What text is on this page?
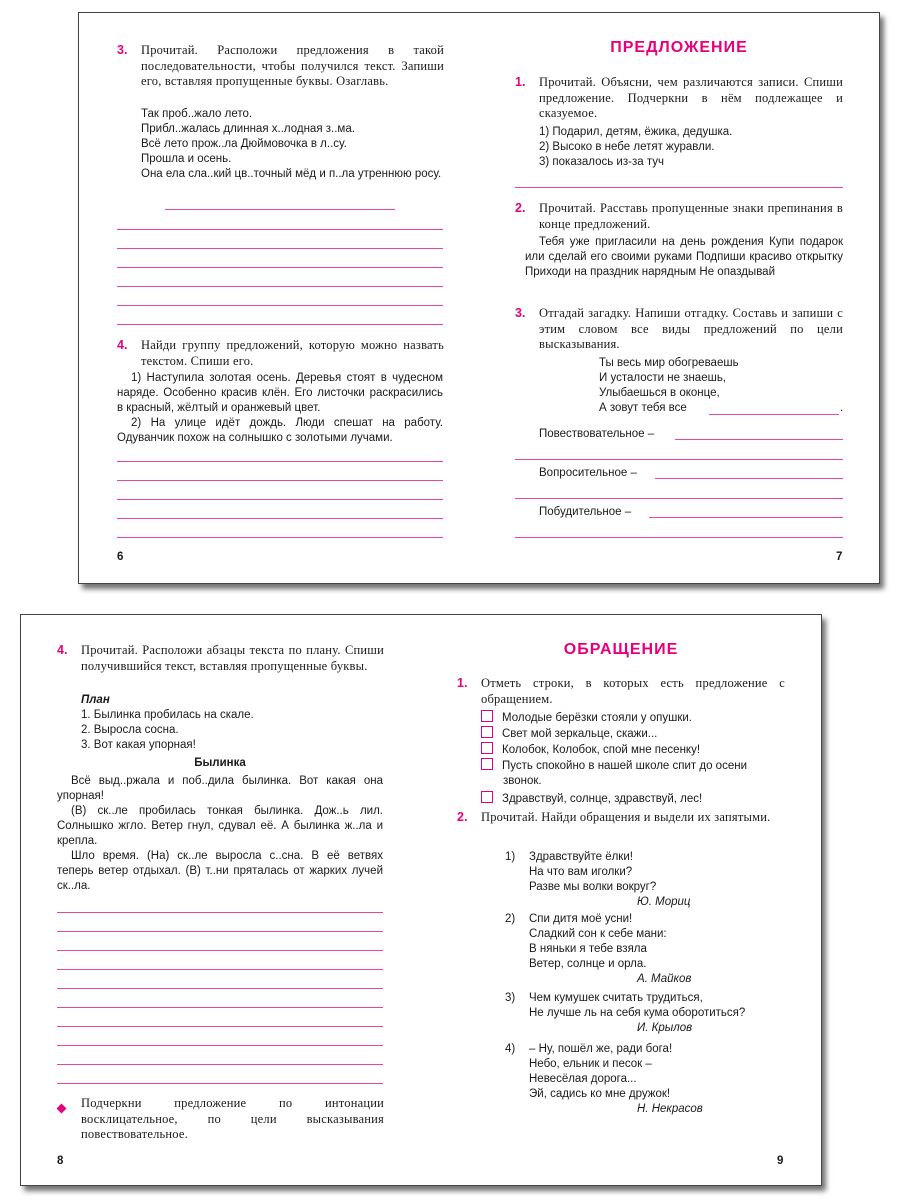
3. Прочитай. Расположи предложения в такой последовательности, чтобы получился текст. Запиши его, вставляя пропущенные буквы. Озаглавь.
Так проб..жало лето.
Прибл..жалась длинная х..лодная з..ма.
Всё лето прож..ла Дюймовочка в л..су.
Прошла и осень.
Она ела сла..кий цв..точный мёд и п..ла утреннюю росу.
4. Найди группу предложений, которую можно назвать текстом. Спиши его.
1) Наступила золотая осень. Деревья стоят в чудесном наряде. Особенно красив клён. Его листочки раскрасились в красный, жёлтый и оранжевый цвет.
2) На улице идёт дождь. Люди спешат на работу. Одуванчик похож на солнышко с золотыми лучами.
6
ПРЕДЛОЖЕНИЕ
1. Прочитай. Объясни, чем различаются записи. Спиши предложение. Подчеркни в нём подлежащее и сказуемое.
1) Подарил, детям, ёжика, дедушка.
2) Высоко в небе летят журавли.
3) показалось из-за туч
2. Прочитай. Расставь пропущенные знаки препинания в конце предложений.
Тебя уже пригласили на день рождения Купи подарок или сделай его своими руками Подпиши красиво открытку Приходи на праздник нарядным Не опаздывай
3. Отгадай загадку. Напиши отгадку. Составь и запиши с этим словом все виды предложений по цели высказывания.
Ты весь мир обогреваешь
И усталости не знаешь,
Улыбаешься в оконце,
А зовут тебя все	.
Повествовательное –
Вопросительное –
Побудительное –
7
4. Прочитай. Расположи абзацы текста по плану. Спиши получившийся текст, вставляя пропущенные буквы.
План
1. Былинка пробилась на скале.
2. Выросла сосна.
3. Вот какая упорная!
Былинка
Всё выд..ржала и поб..дила былинка. Вот какая она упорная!
(В) ск..ле пробилась тонкая былинка. Дож..ь лил. Солнышко жгло. Ветер гнул, сдувал её. А былинка ж..ла и крепла.
Шло время. (На) ск..ле выросла с..сна. В её ветвях теперь ветер отдыхал. (В) т..ни пряталась от жарких лучей ск..ла.
Подчеркни предложение по интонации восклицательное, по цели высказывания повествовательное.
8
ОБРАЩЕНИЕ
1. Отметь строки, в которых есть предложение с обращением.
Молодые берёзки стояли у опушки.
Свет мой зеркальце, скажи...
Колобок, Колобок, спой мне песенку!
Пусть спокойно в нашей школе спит до осени звонок.
Здравствуй, солнце, здравствуй, лес!
2. Прочитай. Найди обращения и выдели их запятыми.
1) Здравствуйте ёлки!
На что вам иголки?
Разве мы волки вокруг?
Ю. Мориц
2) Спи дитя моё усни!
Сладкий сон к себе мани:
В няньки я тебе взяла
Ветер, солнце и орла.
А. Майков
3) Чем кумушек считать трудиться,
Не лучше ль на себя кума оборотиться?
И. Крылов
4) – Ну, пошёл же, ради бога!
Небо, ельник и песок –
Невесёлая дорога...
Эй, садись ко мне дружок!
Н. Некрасов
9
